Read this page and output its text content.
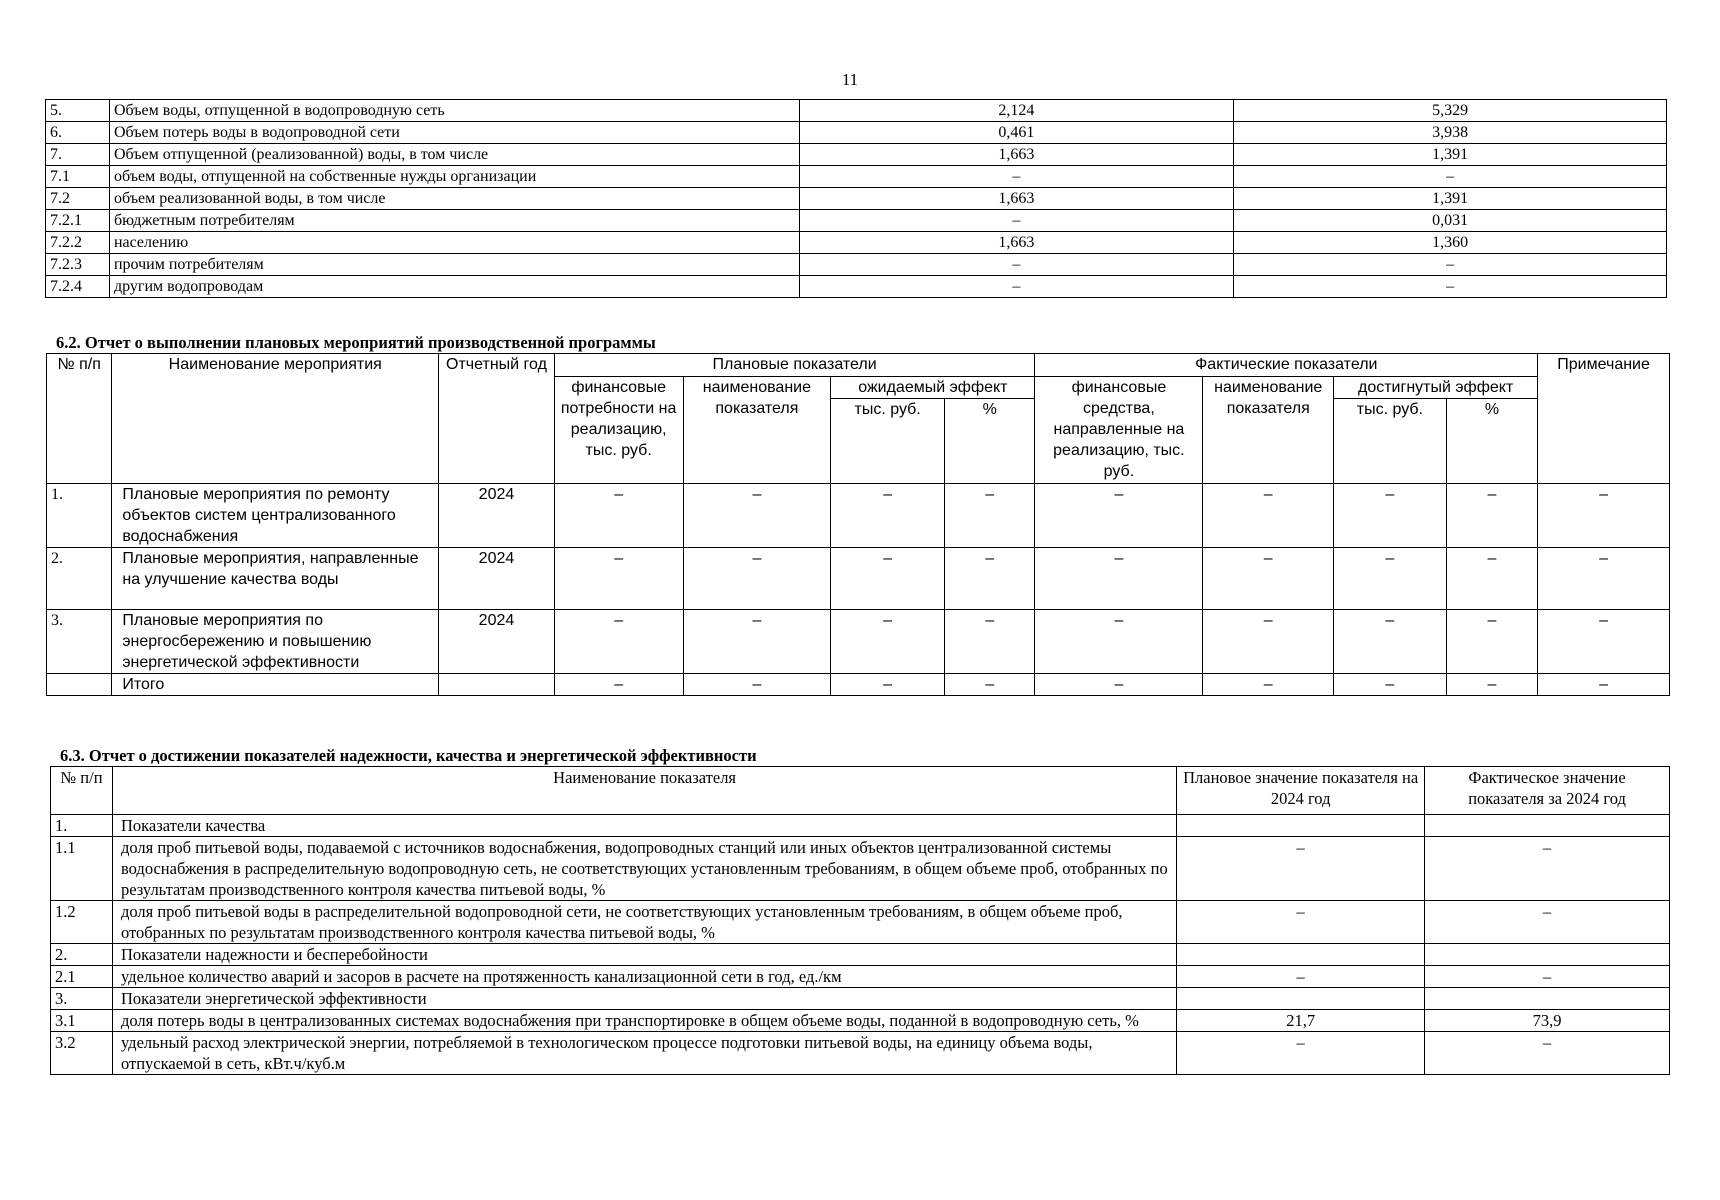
11
5.	Объем воды, отпущенной в водопроводную сеть	2,124	5,329
6.	Объем потерь воды в водопроводной сети	0,461	3,938
7.	Объем отпущенной (реализованной) воды, в том числе	1,663	1,391
7.1	объем воды, отпущенной на собственные нужды организации	–	–
7.2	объем реализованной воды, в том числе	1,663	1,391
7.2.1	бюджетным потребителям	–	0,031
7.2.2	населению	1,663	1,360
7.2.3	прочим потребителям	–	–
7.2.4	другим водопроводам	–	–
6.2. Отчет о выполнении плановых мероприятий производственной программы
№ п/п	Наименование мероприятия	Отчетный год	Плановые показатели				Фактические показатели				Примечание
			финансовые потребности на реализацию, тыс. руб.	наименование показателя	ожидаемый эффект		финансовые средства, направленные на реализацию, тыс. руб.	наименование показателя	достигнутый эффект		
					тыс. руб.	%			тыс. руб.	%	
1.	Плановые мероприятия по ремонту объектов систем централизованного водоснабжения	2024	–	–	–	–	–	–	–	–	–
2.	Плановые мероприятия, направленные на улучшение качества воды	2024	–	–	–	–	–	–	–	–	–
3.	Плановые мероприятия по энергосбережению и повышению энергетической эффективности	2024	–	–	–	–	–	–	–	–	–
	Итого		–	–	–	–	–	–	–	–	–
6.3. Отчет о достижении показателей надежности, качества и энергетической эффективности
№ п/п	Наименование показателя	Плановое значение показателя на 2024 год	Фактическое значение показателя за 2024 год
1.	Показатели качества		
1.1	доля проб питьевой воды, подаваемой с источников водоснабжения, водопроводных станций или иных объектов централизованной системы водоснабжения в распределительную водопроводную сеть, не соответствующих установленным требованиям, в общем объеме проб, отобранных по результатам производственного контроля качества питьевой воды, %	–	–
1.2	доля проб питьевой воды в распределительной водопроводной сети, не соответствующих установленным требованиям, в общем объеме проб, отобранных по результатам производственного контроля качества питьевой воды, %	–	–
2.	Показатели надежности и бесперебойности		
2.1	удельное количество аварий и засоров в расчете на протяженность канализационной сети в год, ед./км	–	–
3.	Показатели энергетической эффективности		
3.1	доля потерь воды в централизованных системах водоснабжения при транспортировке в общем объеме воды, поданной в водопроводную сеть, %	21,7	73,9
3.2	удельный расход электрической энергии, потребляемой в технологическом процессе подготовки питьевой воды, на единицу объема воды, отпускаемой в сеть, кВт.ч/куб.м	–	–
